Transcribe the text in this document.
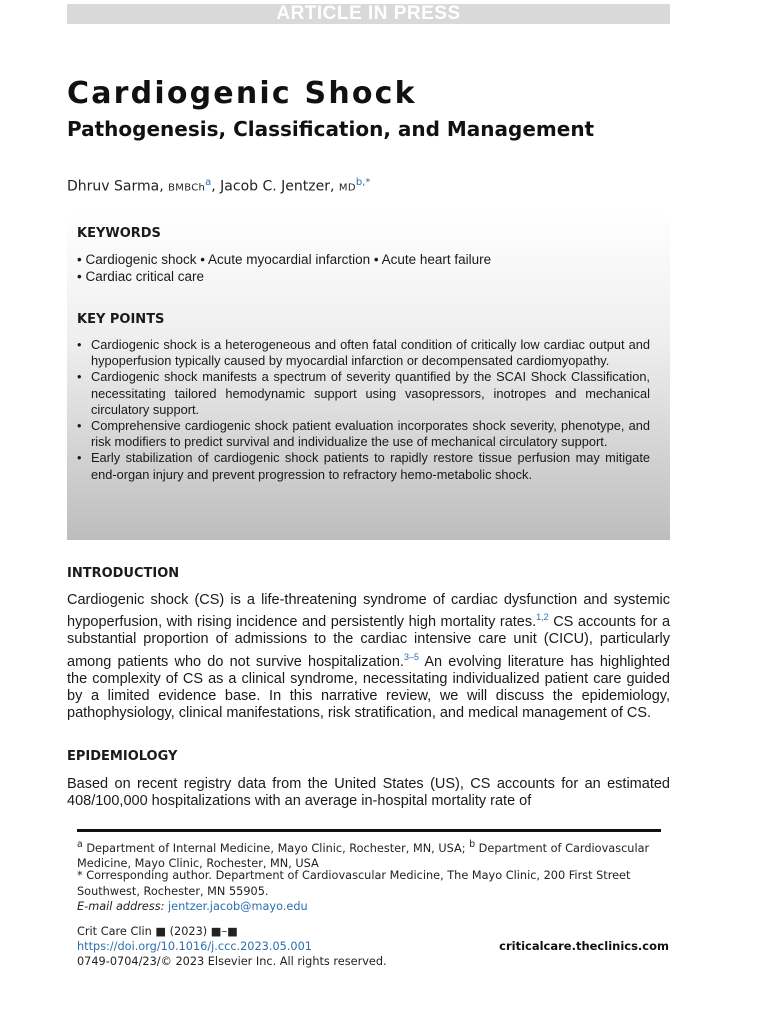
ARTICLE IN PRESS
Cardiogenic Shock
Pathogenesis, Classification, and Management
Dhruv Sarma, BMBCh$^a$, Jacob C. Jentzer, $MD^{b,*}$
KEYWORDS
• Cardiogenic shock • Acute myocardial infarction • Acute heart failure
• Cardiac critical care
KEY POINTS
• Cardiogenic shock is a heterogeneous and often fatal condition of critically low cardiac output and hypoperfusion typically caused by myocardial infarction or decompensated cardiomyopathy.
• Cardiogenic shock manifests a spectrum of severity quantified by the SCAI Shock Classification, necessitating tailored hemodynamic support using vasopressors, inotropes and mechanical circulatory support.
• Comprehensive cardiogenic shock patient evaluation incorporates shock severity, phenotype, and risk modifiers to predict survival and individualize the use of mechanical circulatory support.
• Early stabilization of cardiogenic shock patients to rapidly restore tissue perfusion may mitigate end-organ injury and prevent progression to refractory hemo-metabolic shock.
INTRODUCTION

Cardiogenic shock (CS) is a life-threatening syndrome of cardiac dysfunction and systemic hypoperfusion, with rising incidence and persistently high mortality rates.$^{1,2}$ CS accounts for a substantial proportion of admissions to the cardiac intensive care unit (CICU), particularly among patients who do not survive hospitalization.$^{3-5}$ An evolving literature has highlighted the complexity of CS as a clinical syndrome, necessitating individualized patient care guided by a limited evidence base. In this narrative review, we will discuss the epidemiology, pathophysiology, clinical manifestations, risk stratification, and medical management of CS.

EPIDEMIOLOGY

Based on recent registry data from the United States (US), CS accounts for an estimated 408/100,000 hospitalizations with an average in-hospital mortality rate of

$^a$ Department of Internal Medicine, Mayo Clinic, Rochester, MN, USA; $^b$ Department of Cardiovascular Medicine, Mayo Clinic, Rochester, MN, USA
* Corresponding author. Department of Cardiovascular Medicine, The Mayo Clinic, 200 First Street Southwest, Rochester, MN 55905.
E-mail address: jentzer.jacob@mayo.edu
Crit Care Clin ■ (2023) ■–■
https://doi.org/10.1016/j.ccc.2023.05.001
0749-0704/23/© 2023 Elsevier Inc. All rights reserved.
criticalcare.theclinics.com
